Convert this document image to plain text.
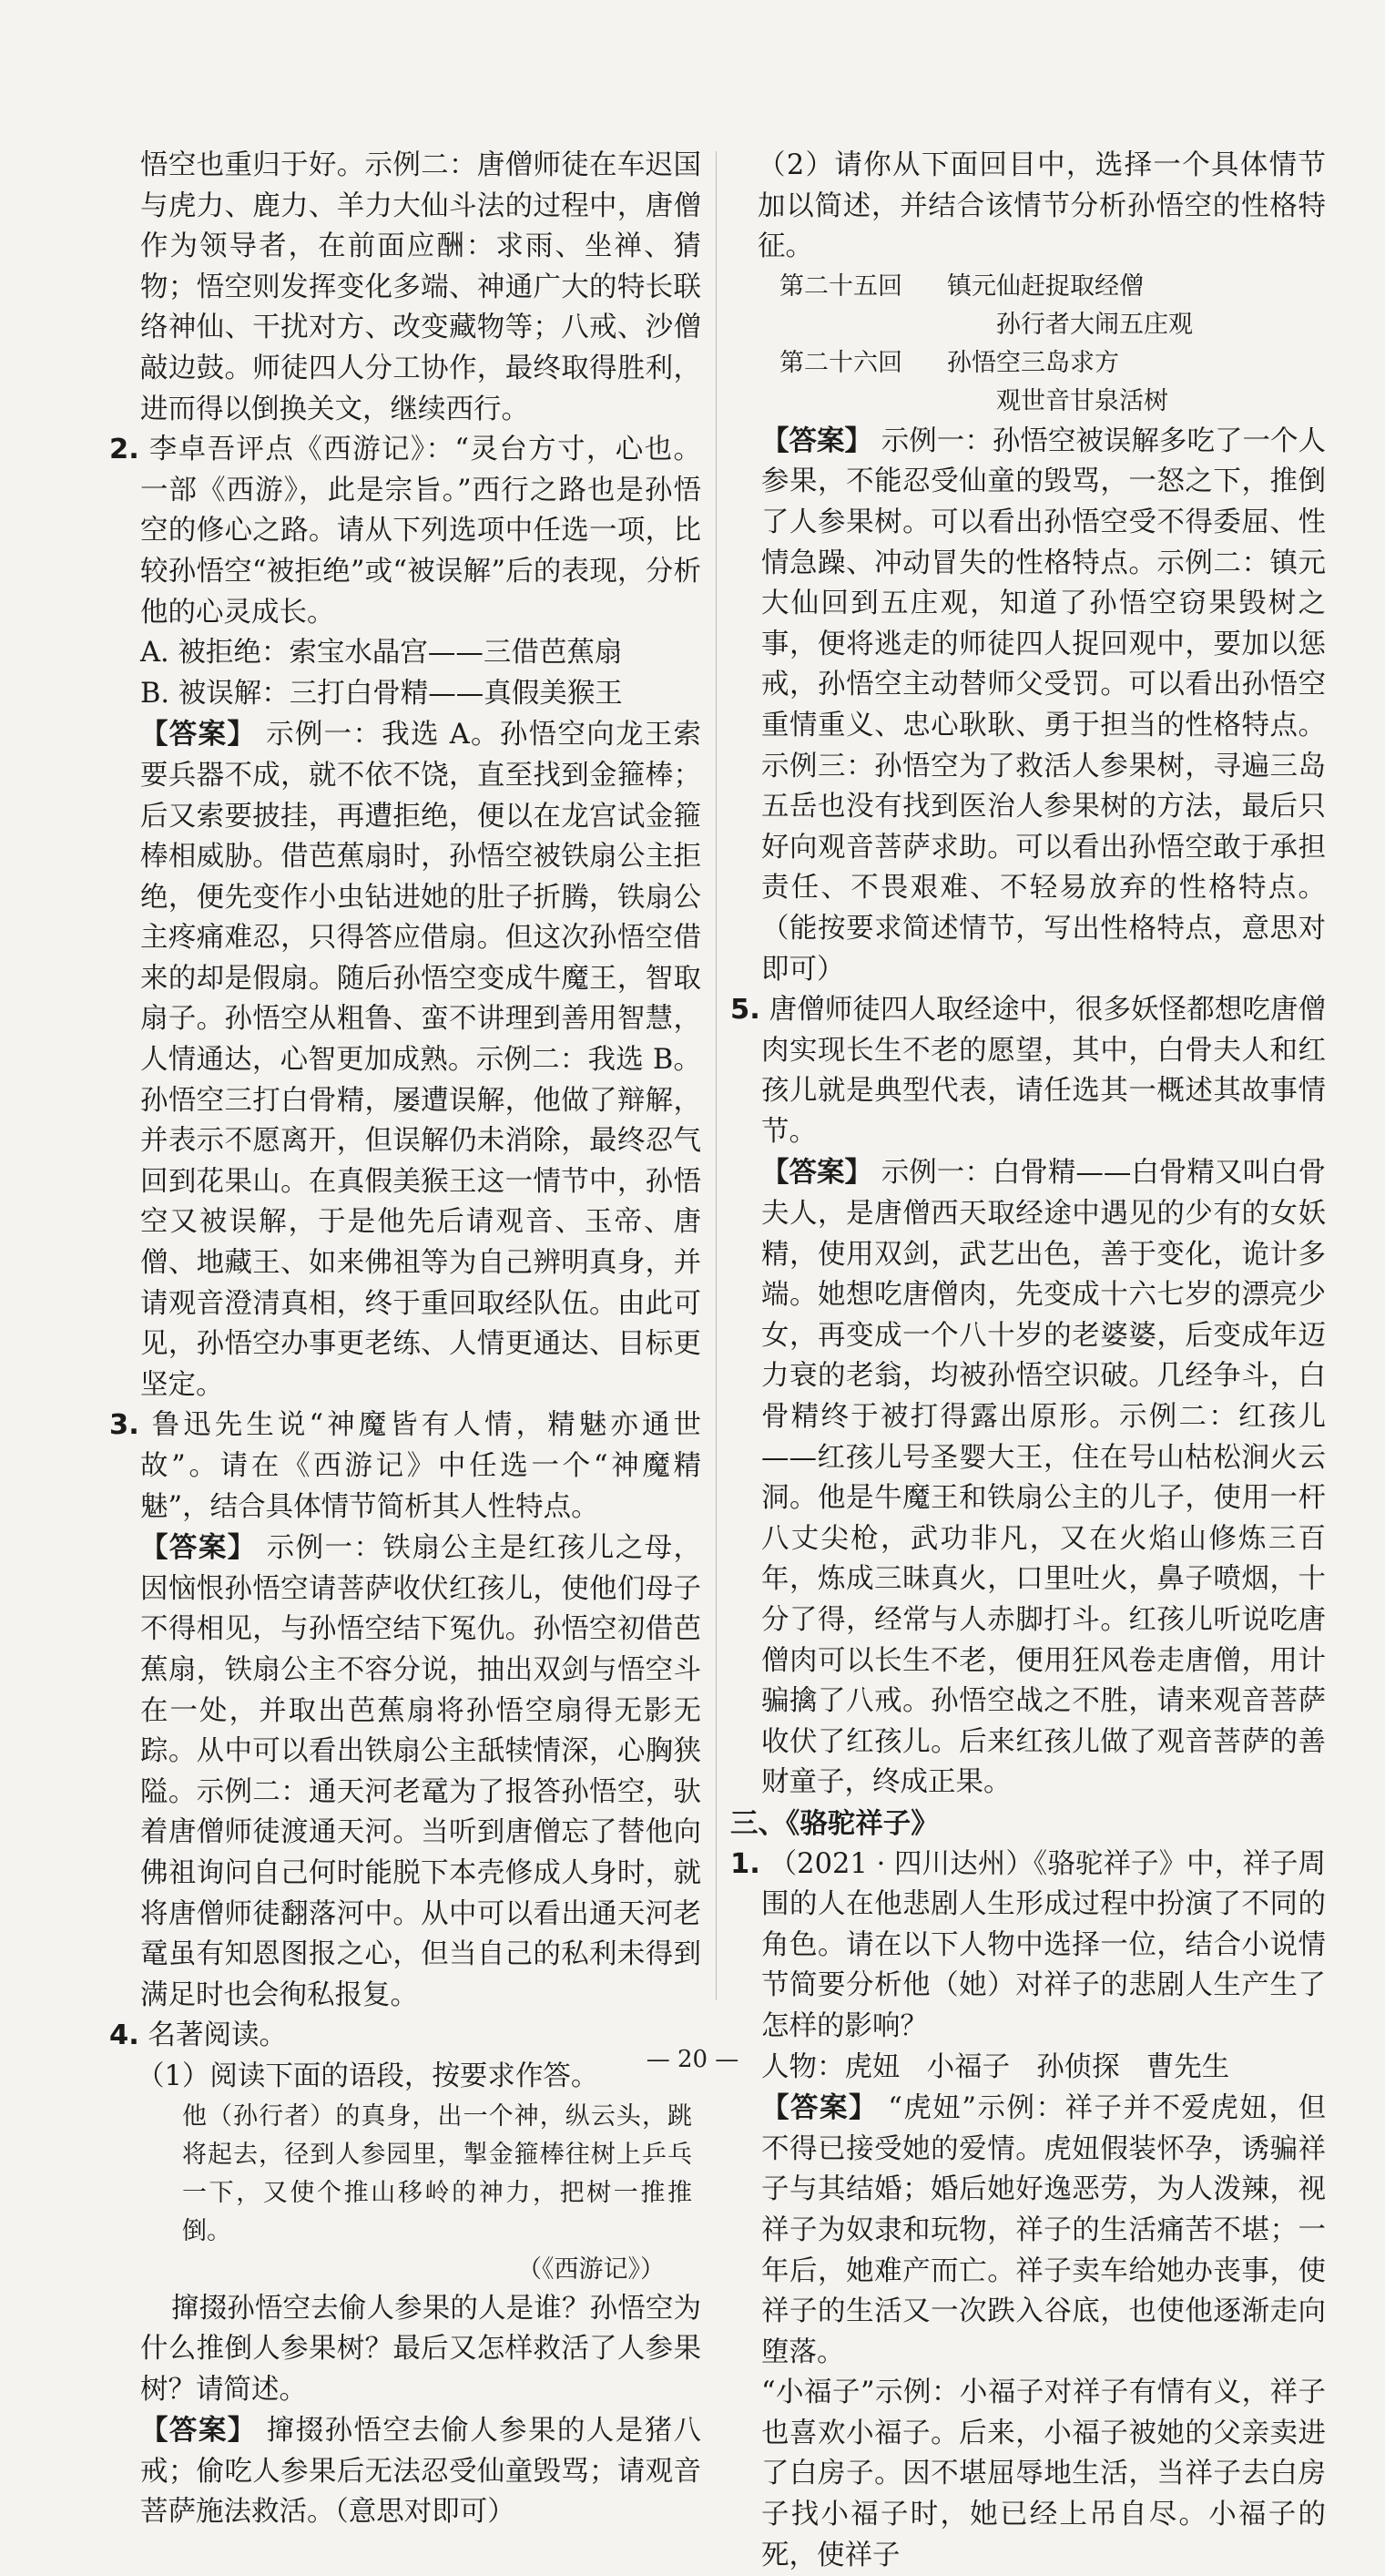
悟空也重归于好。示例二：唐僧师徒在车迟国与虎力、鹿力、羊力大仙斗法的过程中，唐僧作为领导者，在前面应酬：求雨、坐禅、猜物；悟空则发挥变化多端、神通广大的特长联络神仙、干扰对方、改变藏物等；八戒、沙僧敲边鼓。师徒四人分工协作，最终取得胜利，进而得以倒换关文，继续西行。

2. 李卓吾评点《西游记》：“灵台方寸，心也。一部《西游》，此是宗旨。”西行之路也是孙悟空的修心之路。请从下列选项中任选一项，比较孙悟空“被拒绝”或“被误解”后的表现，分析他的心灵成长。

A. 被拒绝：索宝水晶宫——三借芭蕉扇

B. 被误解：三打白骨精——真假美猴王

【答案】 示例一：我选 A。孙悟空向龙王索要兵器不成，就不依不饶，直至找到金箍棒；后又索要披挂，再遭拒绝，便以在龙宫试金箍棒相威胁。借芭蕉扇时，孙悟空被铁扇公主拒绝，便先变作小虫钻进她的肚子折腾，铁扇公主疼痛难忍，只得答应借扇。但这次孙悟空借来的却是假扇。随后孙悟空变成牛魔王，智取扇子。孙悟空从粗鲁、蛮不讲理到善用智慧，人情通达，心智更加成熟。示例二：我选 B。孙悟空三打白骨精，屡遭误解，他做了辩解，并表示不愿离开，但误解仍未消除，最终忍气回到花果山。在真假美猴王这一情节中，孙悟空又被误解，于是他先后请观音、玉帝、唐僧、地藏王、如来佛祖等为自己辨明真身，并请观音澄清真相，终于重回取经队伍。由此可见，孙悟空办事更老练、人情更通达、目标更坚定。

3. 鲁迅先生说“神魔皆有人情，精魅亦通世故”。请在《西游记》中任选一个“神魔精魅”，结合具体情节简析其人性特点。

【答案】 示例一：铁扇公主是红孩儿之母，因恼恨孙悟空请菩萨收伏红孩儿，使他们母子不得相见，与孙悟空结下冤仇。孙悟空初借芭蕉扇，铁扇公主不容分说，抽出双剑与悟空斗在一处，并取出芭蕉扇将孙悟空扇得无影无踪。从中可以看出铁扇公主舐犊情深，心胸狭隘。示例二：通天河老鼋为了报答孙悟空，驮着唐僧师徒渡通天河。当听到唐僧忘了替他向佛祖询问自己何时能脱下本壳修成人身时，就将唐僧师徒翻落河中。从中可以看出通天河老鼋虽有知恩图报之心，但当自己的私利未得到满足时也会徇私报复。

4. 名著阅读。

（1）阅读下面的语段，按要求作答。

他（孙行者）的真身，出一个神，纵云头，跳将起去，径到人参园里，掣金箍棒往树上乒乓一下，又使个推山移岭的神力，把树一推推倒。

（《西游记》）

撺掇孙悟空去偷人参果的人是谁？孙悟空为什么推倒人参果树？最后又怎样救活了人参果树？请简述。

【答案】 撺掇孙悟空去偷人参果的人是猪八戒；偷吃人参果后无法忍受仙童毁骂；请观音菩萨施法救活。（意思对即可）

（2）请你从下面回目中，选择一个具体情节加以简述，并结合该情节分析孙悟空的性格特征。

第二十五回	镇元仙赶捉取经僧
孙行者大闹五庄观
第二十六回	孙悟空三岛求方
观世音甘泉活树

【答案】 示例一：孙悟空被误解多吃了一个人参果，不能忍受仙童的毁骂，一怒之下，推倒了人参果树。可以看出孙悟空受不得委屈、性情急躁、冲动冒失的性格特点。示例二：镇元大仙回到五庄观，知道了孙悟空窃果毁树之事，便将逃走的师徒四人捉回观中，要加以惩戒，孙悟空主动替师父受罚。可以看出孙悟空重情重义、忠心耿耿、勇于担当的性格特点。示例三：孙悟空为了救活人参果树，寻遍三岛五岳也没有找到医治人参果树的方法，最后只好向观音菩萨求助。可以看出孙悟空敢于承担责任、不畏艰难、不轻易放弃的性格特点。（能按要求简述情节，写出性格特点，意思对即可）

5. 唐僧师徒四人取经途中，很多妖怪都想吃唐僧肉实现长生不老的愿望，其中，白骨夫人和红孩儿就是典型代表，请任选其一概述其故事情节。

【答案】 示例一：白骨精——白骨精又叫白骨夫人，是唐僧西天取经途中遇见的少有的女妖精，使用双剑，武艺出色，善于变化，诡计多端。她想吃唐僧肉，先变成十六七岁的漂亮少女，再变成一个八十岁的老婆婆，后变成年迈力衰的老翁，均被孙悟空识破。几经争斗，白骨精终于被打得露出原形。示例二：红孩儿——红孩儿号圣婴大王，住在号山枯松涧火云洞。他是牛魔王和铁扇公主的儿子，使用一杆八丈尖枪，武功非凡，又在火焰山修炼三百年，炼成三昧真火，口里吐火，鼻子喷烟，十分了得，经常与人赤脚打斗。红孩儿听说吃唐僧肉可以长生不老，便用狂风卷走唐僧，用计骗擒了八戒。孙悟空战之不胜，请来观音菩萨收伏了红孩儿。后来红孩儿做了观音菩萨的善财童子，终成正果。

三、《骆驼祥子》

1. （2021 · 四川达州）《骆驼祥子》中，祥子周围的人在他悲剧人生形成过程中扮演了不同的角色。请在以下人物中选择一位，结合小说情节简要分析他（她）对祥子的悲剧人生产生了怎样的影响？

人物：虎妞 小福子 孙侦探 曹先生

【答案】 “虎妞”示例：祥子并不爱虎妞，但不得已接受她的爱情。虎妞假装怀孕，诱骗祥子与其结婚；婚后她好逸恶劳，为人泼辣，视祥子为奴隶和玩物，祥子的生活痛苦不堪；一年后，她难产而亡。祥子卖车给她办丧事，使祥子的生活又一次跌入谷底，也使他逐渐走向堕落。

“小福子”示例：小福子对祥子有情有义，祥子也喜欢小福子。后来，小福子被她的父亲卖进了白房子。因不堪屈辱地生活，当祥子去白房子找小福子时，她已经上吊自尽。小福子的死，使祥子

— 20 —
